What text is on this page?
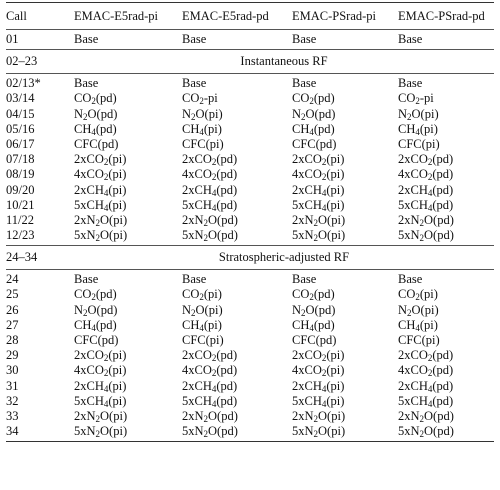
Call	EMAC-E5rad-pi EMAC-E5rad-pd EMAC-PSrad-pi EMAC-PSrad-pd
01	Base	Base	Base	Base
02–23	Instantaneous RF
02/13*	Base	Base	Base	Base
03/14	$CO_2(pd)$	$CO_2-pi$	$CO_2(pd)$	$CO_2-pi$
04/15	$N_2O(pd)$	$N_2O(pi)$	$N_2O(pd)$	$N_2O(pi)$
05/16	$CH_4(pd)$	$CH_4(pi)$	$CH_4(pd)$	$CH_4(pi)$
06/17	CFC(pd)	CFC(pi)	CFC(pd)	CFC(pi)
07/18	2xCO$_2$(pi)	2xCO$_2$(pd)	2xCO$_2$(pi)	2xCO$_2$(pd)
08/19	4xCO$_2$(pi)	4xCO$_2$(pd)	4xCO$_2$(pi)	4xCO$_2$(pd)
09/20	2xCH$_4$(pi)	2xCH$_4$(pd)	2xCH$_4$(pi)	2xCH$_4$(pd)
10/21	5xCH$_4$(pi)	5xCH$_4$(pd)	5xCH$_4$(pi)	5xCH$_4$(pd)
11/22	$2xN_2O(pi)$	$2xN_2O(pd)$	$2xN_2O(pi)$	$2xN_2O(pd)$
12/23	$5xN_2O(pi)$	$5xN_2O(pd)$	$5xN_2O(pi)$	$5xN_2O(pd)$
24–34	Stratospheric-adjusted RF
24	Base	Base	Base	Base
25	$CO_2(pd)$	$CO_2(pi)$	$CO_2(pd)$	$CO_2(pi)$
26	$N_2O(pd)$	$N_2O(pi)$	$N_2O(pd)$	$N_2O(pi)$
27	$CH_4(pd)$	$CH_4(pi)$	$CH_4(pd)$	$CH_4(pi)$
28	CFC(pd)	CFC(pi)	CFC(pd)	CFC(pi)
29	2xCO$_2$(pi)	2xCO$_2$(pd)	2xCO$_2$(pi)	2xCO$_2$(pd)
30	4xCO$_2$(pi)	4xCO$_2$(pd)	4xCO$_2$(pi)	4xCO$_2$(pd)
31	2xCH$_4$(pi)	2xCH$_4$(pd)	2xCH$_4$(pi)	2xCH$_4$(pd)
32	5xCH$_4$(pi)	5xCH$_4$(pd)	5xCH$_4$(pi)	5xCH$_4$(pd)
33	$2xN_2O(pi)$	$2xN_2O(pd)$	$2xN_2O(pi)$	$2xN_2O(pd)$
34	$5xN_2O(pi)$	$5xN_2O(pd)$	$5xN_2O(pi)$	$5xN_2O(pd)$
